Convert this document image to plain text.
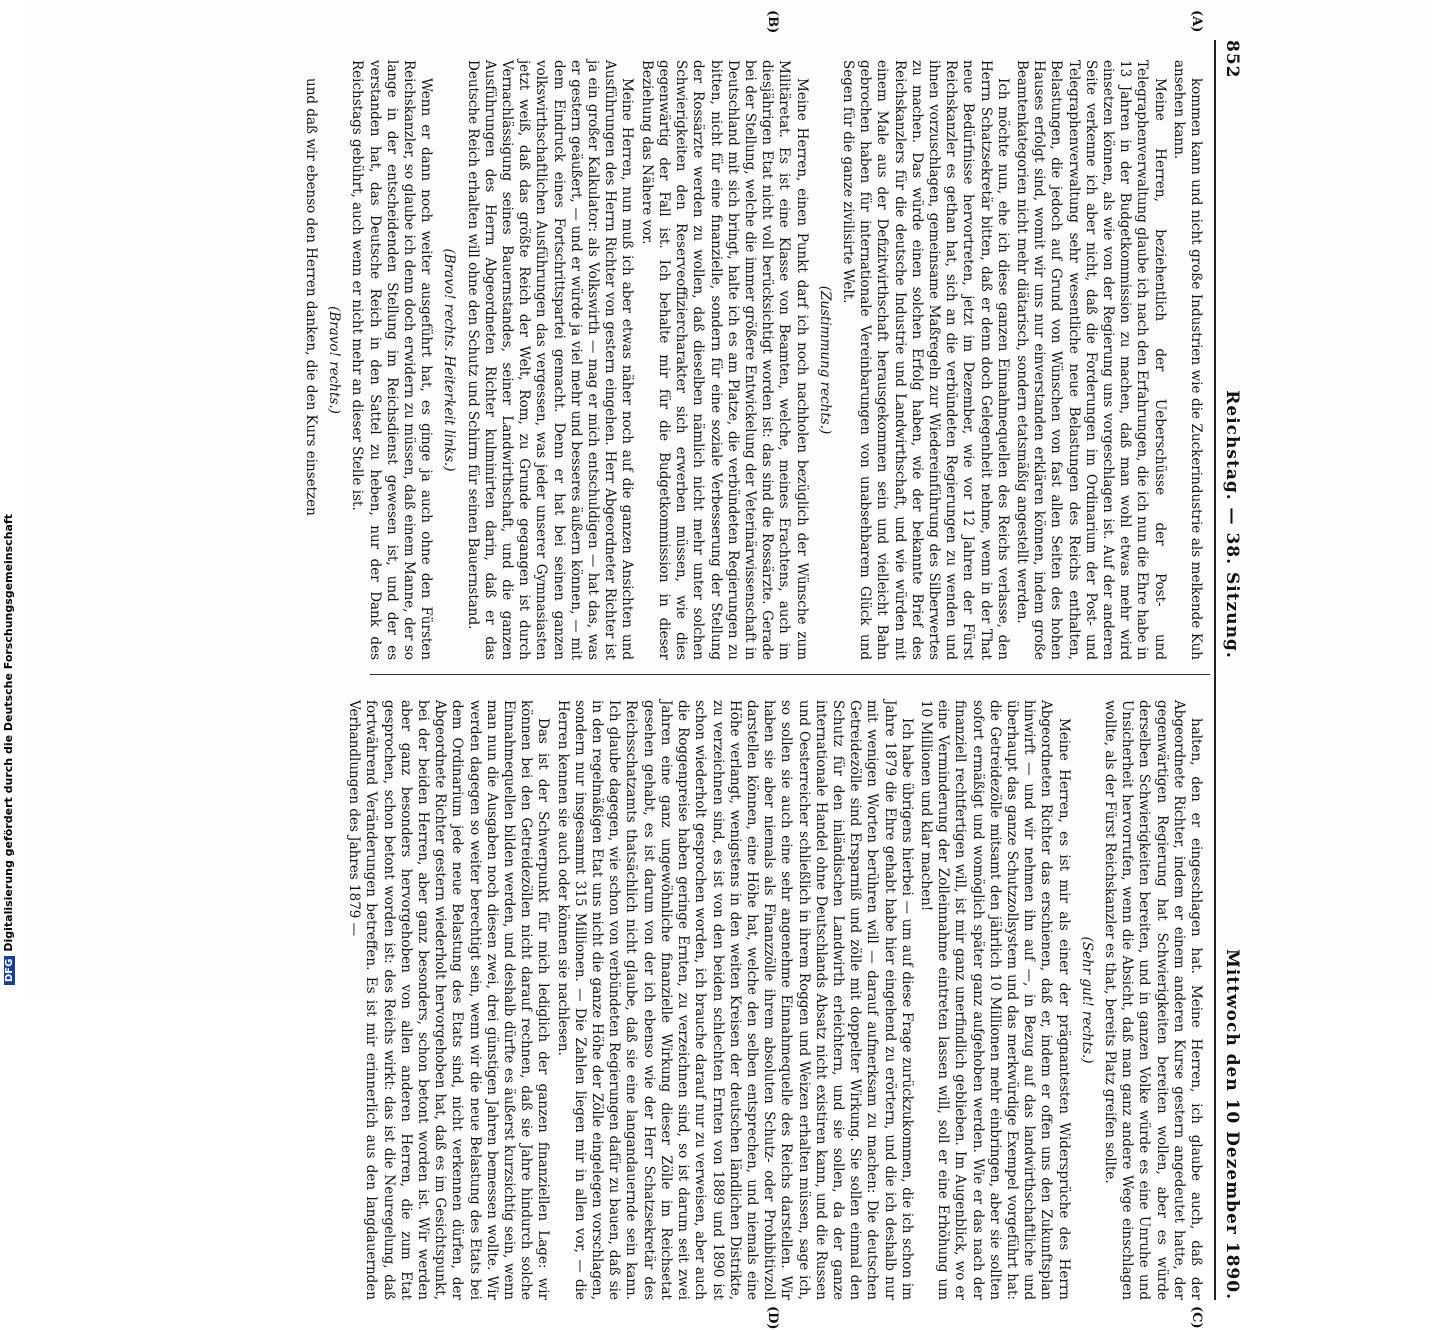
852
Reichstag. — 38. Sitzung.
Mittwoch den 10 Dezember 1890.
(A)
(B)
(C)
(D)

kommen kann und nicht große Industrien wie die Zuckerindustrie als melkende Kuh ansehen kann.

Meine Herren, beziehentlich der Ueberschüsse der Post- und Telegraphenverwaltung glaube ich nach den Erfahrungen, die ich nun die Ehre habe in 13 Jahren in der Budgetkommission zu machen, daß man wohl etwas mehr wird einsetzen können, als wie von der Regierung uns vorgeschlagen ist. Auf der anderen Seite verkenne ich aber nicht, daß die Forderungen im Ordinarium der Post- und Telegraphenverwaltung sehr wesentliche neue Belastungen des Reichs enthalten, Belastungen, die jedoch auf Grund von Wünschen von fast allen Seiten des hohen Hauses erfolgt sind, womit wir uns nur einverstanden erklären können, indem große Beamtenkategorien nicht mehr diätarisch, sondern etatsmäßig angestellt werden.

Ich möchte nun, ehe ich diese ganzen Einnahmequellen des Reichs verlasse, den Herrn Schatzsekretär bitten, daß er denn doch Gelegenheit nehme, wenn in der That neue Bedürfnisse hervortreten, jetzt im Dezember, wie vor 12 Jahren der Fürst Reichskanzler es gethan hat, sich an die verbündeten Regierungen zu wenden und ihnen vorzuschlagen, gemeinsame Maßregeln zur Wiedereinführung des Silberwertes zu machen. Das würde einen solchen Erfolg haben, wie der bekannte Brief des Reichskanzlers für die deutsche Industrie und Landwirthschaft, und wie würden mit einem Male aus der Defizitwirthschaft herausgekommen sein und vielleicht Bahn gebrochen haben für internationale Vereinbarungen von unabsehbarem Glück und Segen für die ganze zivilisirte Welt.

(Zustimmung rechts.)

Meine Herren, einen Punkt darf ich noch nachholen bezüglich der Wünsche zum Militäretat. Es ist eine Klasse von Beamten, welche, meines Erachtens, auch im diesjährigen Etat nicht voll berücksichtigt worden ist: das sind die Rossärzte. Gerade bei der Stellung, welche die immer größere Entwickelung der Veterinärwissenschaft in Deutschland mit sich bringt, halte ich es am Platze, die verbündeten Regierungen zu bitten, nicht für eine finanzielle, sondern für eine soziale Verbesserung der Stellung der Rossärzte werden zu wollen, daß dieselben nämlich nicht mehr unter solchen Schwierigkeiten den Reserveoffiziercharakter sich erwerben müssen, wie dies gegenwärtig der Fall ist. Ich behalte mir für die Budgetkommission in dieser Beziehung das Nähere vor.

Meine Herren, nun muß ich aber etwas näher noch auf die ganzen Ansichten und Ausführungen des Herrn Richter von gestern eingehen. Herr Abgeordneter Richter ist ja ein großer Kalkulator: als Volkswirth — mag er mich entschuldigen — hat das, was er gestern geäußert, — und er würde ja viel mehr und besseres äußern können, — mit dem Eindruck eines Fortschrittspartei gemacht. Denn er hat bei seinen ganzen volkswirthschaftlichen Ausführungen das vergessen, was jeder unserer Gymnasiasten jetzt weiß, daß das größte Reich der Welt, Rom, zu Grunde gegangen ist durch Vernachlässigung seines Bauernstandes, seiner Landwirthschaft, und die ganzen Ausführungen des Herrn Abgeordneten Richter kulminirten darin, daß er das Deutsche Reich erhalten will ohne den Schutz und Schirm für seinen Bauernstand.

(Bravo! rechts. Heiterkeit links.)

Wenn er dann noch weiter ausgeführt hat, es ginge ja auch ohne den Fürsten Reichskanzler, so glaube ich denn doch erwidern zu müssen, daß einem Manne, der so lange in der entscheidenden Stellung im Reichsdienst gewesen ist, und der es verstanden hat, das Deutsche Reich in den Sattel zu heben, nur der Dank des Reichstags gebührt, auch wenn er nicht mehr an dieser Stelle ist.

(Bravo! rechts.)

und daß wir ebenso den Herren danken, die den Kurs einsetzen

halten, den er eingeschlagen hat. Meine Herren, ich glaube auch, daß der Abgeordnete Richter, indem er einem anderen Kurse gestern angedeutet hatte, der gegenwärtigen Regierung hat Schwierigkeiten bereiten wollen, aber es würde derselben Schwierigkeiten bereiten, und in ganzen Volke würde es eine Unruhe und Unsicherheit hervorrufen, wenn die Absicht, daß man ganz andere Wege einschlagen wollte, als der Fürst Reichskanzler es that, bereits Platz greifen sollte.

(Sehr gut! rechts.)

Meine Herren, es ist mir als einer der prägnantesten Widersprüche des Herrn Abgeordneten Richter das erschienen, daß er, indem er offen uns den Zukunftsplan hinwirft — und wir nehmen ihn auf —, in Bezug auf das landwirthschaftliche und überhaupt das ganze Schutzzollsystem und das merkwürdige Exempel vorgeführt hat: die Getreidezölle mitsamt den jährlich 10 Millionen mehr einbringen, aber sie sollten sofort ermäßigt und womöglich später ganz aufgehoben werden. Wie er das nach der finanziell rechtfertigen will, ist mir ganz unerfindlich geblieben. Im Augenblick, wo er eine Verminderung der Zolleinnahme eintreten lassen will, soll er eine Erhöhung um 10 Millionen und klar machen!

Ich habe übrigens hierbei — um auf diese Frage zurückzukommen, die ich schon im Jahre 1879 die Ehre gehabt habe hier eingehend zu erörtern, und die ich deshalb nur mit wenigen Worten berühren will — darauf aufmerksam zu machen: Die deutschen Getreidezölle sind Ersparniß und zölle mit doppelter Wirkung. Sie sollen einmal den Schutz für den inländischen Landwirth erleichtern, und sie sollen, da der ganze internationale Handel ohne Deutschlands Absatz nicht existiren kann, und die Russen und Oesterreicher schließlich in ihrem Roggen und Weizen erhalten müssen, sage ich, so sollen sie auch eine sehr angenehme Einnahmequelle des Reichs darstellen. Wir haben sie aber niemals als Finanzzölle ihrem absoluten Schutz- oder Prohibitivzoll darstellen können, eine Höhe hat, welche den selben entsprechen, und niemals eine Höhe verlangt, wenigstens in den weiten Kreisen der deutschen ländlichen Distrikte, zu verzeichnen sind, es ist von den beiden schlechten Ernten von 1889 und 1890 ist schon wiederholt gesprochen worden, ich brauche darauf nur zu verweisen, aber auch die Roggenpreise haben geringe Ernten, zu verzeichnen sind, so ist darum seit zwei Jahren eine ganz ungewöhnliche finanzielle Wirkung dieser Zölle im Reichsetat gesehen gehabt, es ist darum von der ich ebenso wie der Herr Schatzsekretär des Reichsschatzamts thatsächlich nicht glaube, daß sie eine langandauernde sein kann. Ich glaube dagegen, wie schon von verbündeten Regierungen dafür zu bauen, daß sie in den regelmäßigen Etat uns nicht die ganze Höhe der Zölle eingelegen vorschlagen, sondern nur insgesammt 315 Millionen. — Die Zahlen liegen mir in allen vor, — die Herren kennen sie auch oder können sie nachlesen.

Das ist der Schwerpunkt für mich lediglich der ganzen finanziellen Lage: wir können bei den Getreidezöllen nicht darauf rechnen, daß sie Jahre hindurch solche Einnahmequellen bilden werden, und deshalb dürfte es äußerst kurzsichtig sein, wenn man nun die Ausgaben noch diesen zwei, drei günstigen Jahren bemessen wollte. Wir werden dagegen so weiter berechtigt sein, wenn wir die neue Belastung des Etats bei dem Ordinarium jede neue Belastung des Etats sind, nicht verkennen dürfen, der Abgeordnete Richter gestern wiederholt hervorgehoben hat, daß es im Gesichtspunkt, bei der beiden Herren, aber ganz besonders, schon betont worden ist. Wir werden aber ganz besonders hervorgehoben von allen anderen Herren, die zum Etat gesprochen, schon betont worden ist: des Reichs wirkt: das ist die Neuregelung, daß fortwährend Veränderungen betreffen. Es ist mir erinnerlich aus den langdauernden Verhandlungen des Jahres 1879 —

DFGDigitalisierung gefördert durch die Deutsche Forschungsgemeinschaft
